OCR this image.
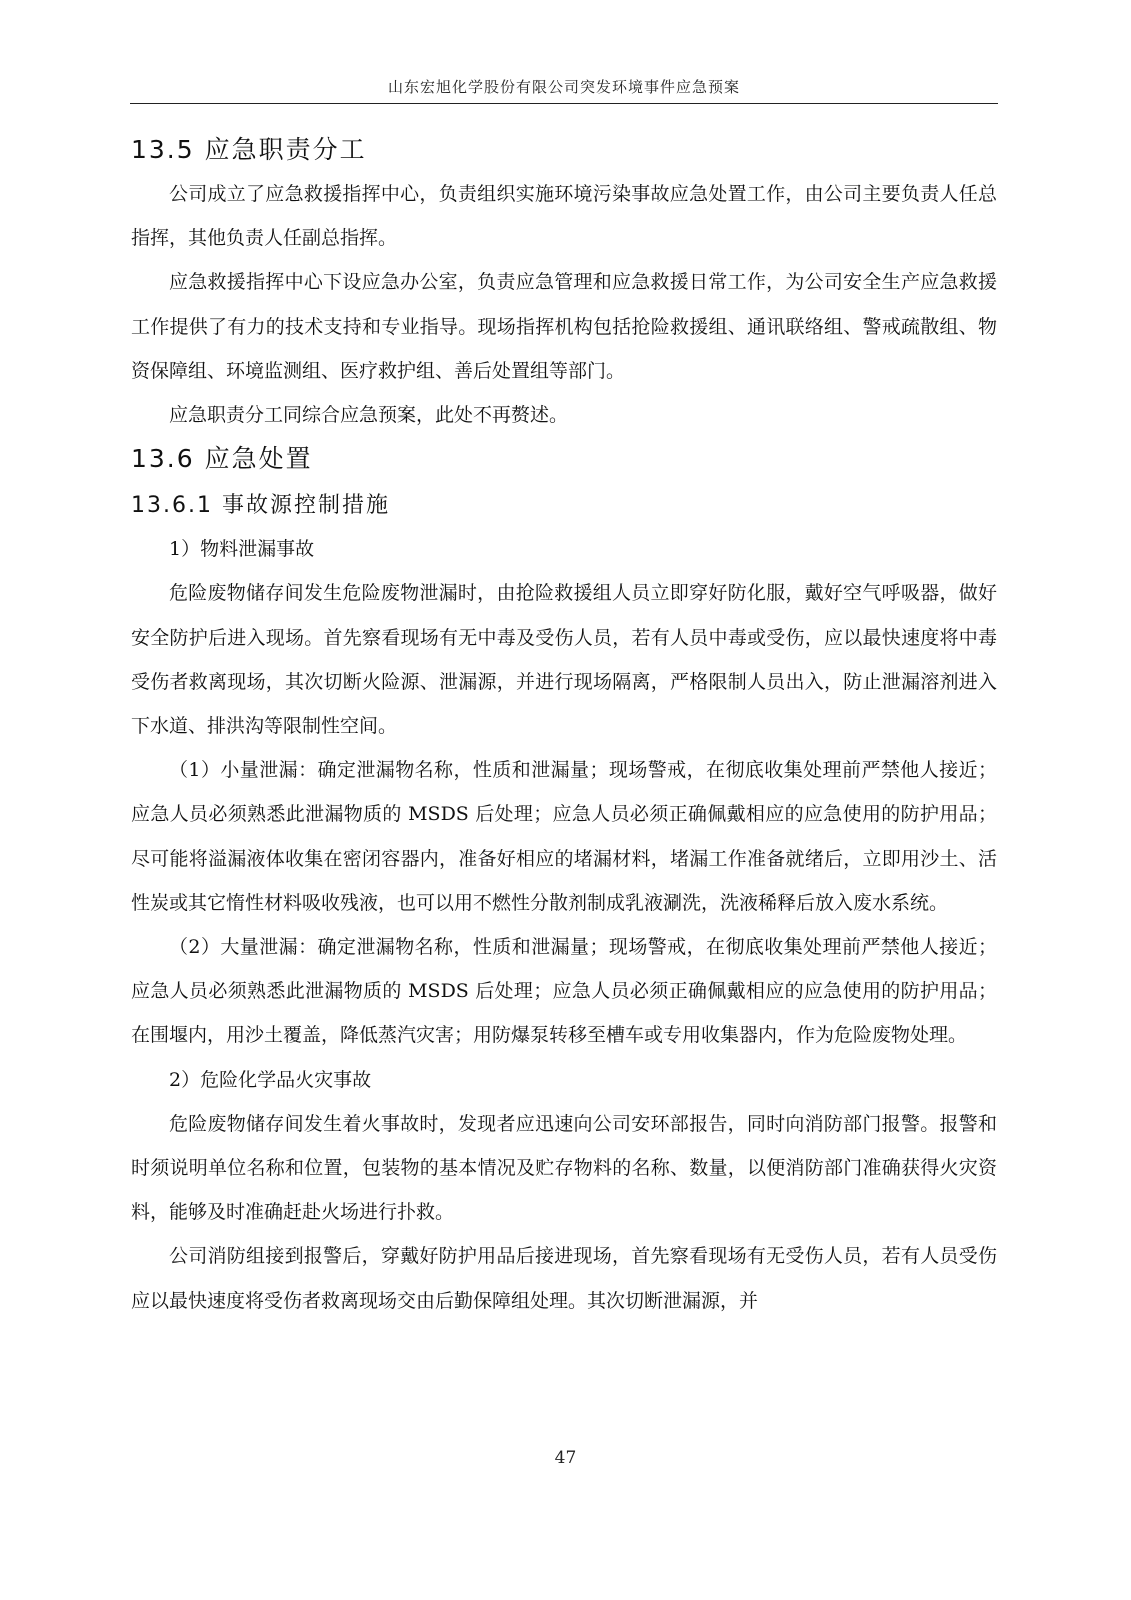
山东宏旭化学股份有限公司突发环境事件应急预案
13.5 应急职责分工

公司成立了应急救援指挥中心，负责组织实施环境污染事故应急处置工作，由公司主要负责人任总指挥，其他负责人任副总指挥。

应急救援指挥中心下设应急办公室，负责应急管理和应急救援日常工作，为公司安全生产应急救援工作提供了有力的技术支持和专业指导。现场指挥机构包括抢险救援组、通讯联络组、警戒疏散组、物资保障组、环境监测组、医疗救护组、善后处置组等部门。

应急职责分工同综合应急预案，此处不再赘述。

13.6 应急处置
13.6.1 事故源控制措施

1）物料泄漏事故

危险废物储存间发生危险废物泄漏时，由抢险救援组人员立即穿好防化服，戴好空气呼吸器，做好安全防护后进入现场。首先察看现场有无中毒及受伤人员，若有人员中毒或受伤，应以最快速度将中毒受伤者救离现场，其次切断火险源、泄漏源，并进行现场隔离，严格限制人员出入，防止泄漏溶剂进入下水道、排洪沟等限制性空间。

（1）小量泄漏：确定泄漏物名称，性质和泄漏量；现场警戒，在彻底收集处理前严禁他人接近；应急人员必须熟悉此泄漏物质的 MSDS 后处理；应急人员必须正确佩戴相应的应急使用的防护用品；尽可能将溢漏液体收集在密闭容器内，准备好相应的堵漏材料，堵漏工作准备就绪后，立即用沙土、活性炭或其它惰性材料吸收残液，也可以用不燃性分散剂制成乳液涮洗，洗液稀释后放入废水系统。

（2）大量泄漏：确定泄漏物名称，性质和泄漏量；现场警戒，在彻底收集处理前严禁他人接近；应急人员必须熟悉此泄漏物质的 MSDS 后处理；应急人员必须正确佩戴相应的应急使用的防护用品；在围堰内，用沙土覆盖，降低蒸汽灾害；用防爆泵转移至槽车或专用收集器内，作为危险废物处理。

2）危险化学品火灾事故

危险废物储存间发生着火事故时，发现者应迅速向公司安环部报告，同时向消防部门报警。报警和时须说明单位名称和位置，包装物的基本情况及贮存物料的名称、数量，以便消防部门准确获得火灾资料，能够及时准确赶赴火场进行扑救。

公司消防组接到报警后，穿戴好防护用品后接进现场，首先察看现场有无受伤人员，若有人员受伤应以最快速度将受伤者救离现场交由后勤保障组处理。其次切断泄漏源，并

47
